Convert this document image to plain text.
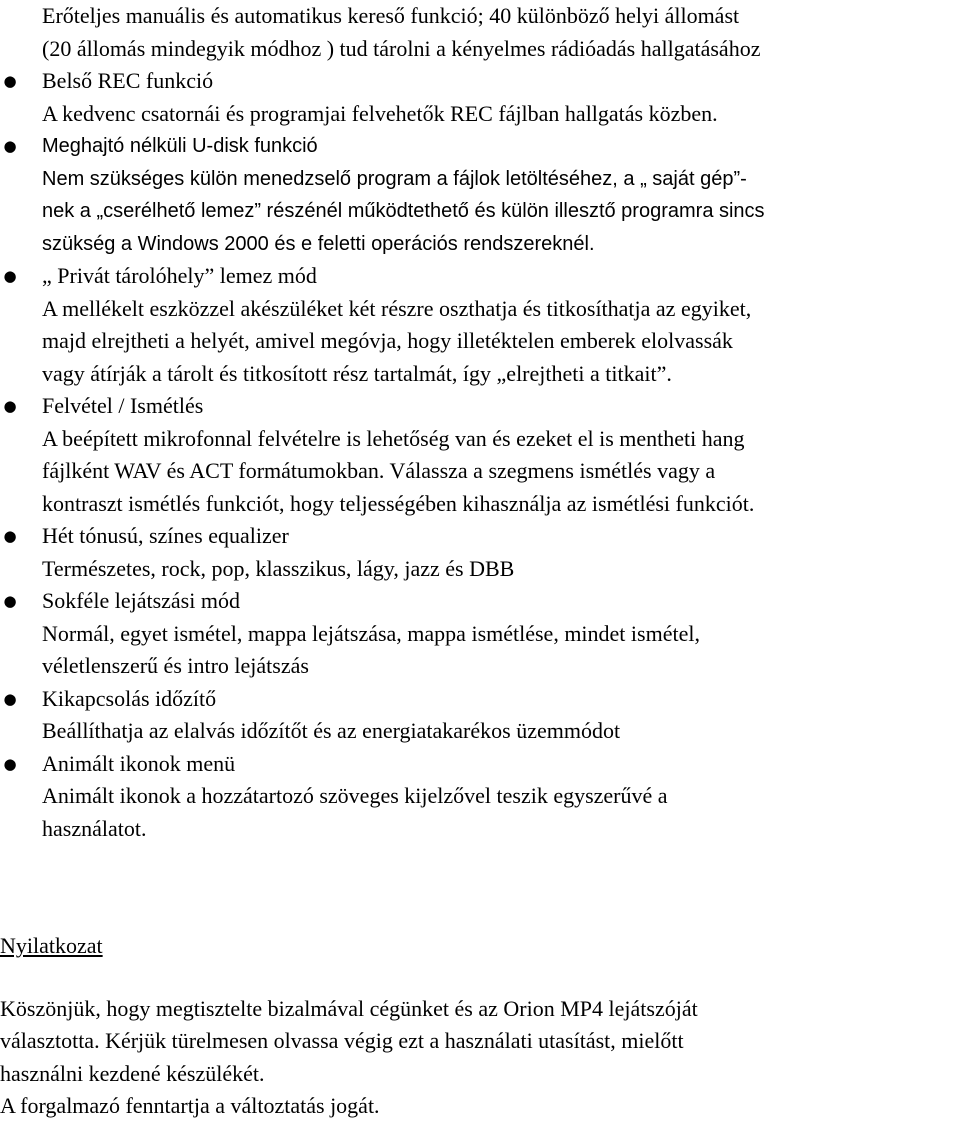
Erőteljes manuális és automatikus kereső funkció; 40 különböző helyi állomást
(20 állomás mindegyik módhoz ) tud tárolni a kényelmes rádióadás hallgatásához
● Belső REC funkció
A kedvenc csatornái és programjai felvehetők REC fájlban hallgatás közben.
● Meghajtó nélküli U-disk funkció
Nem szükséges külön menedzselő program a fájlok letöltéséhez, a „ saját gép”-
nek a „cserélhető lemez” részénél működtethető és külön illesztő programra sincs
szükség a Windows 2000 és e feletti operációs rendszereknél.
● „ Privát tárolóhely” lemez mód
A mellékelt eszközzel akészüléket két részre oszthatja és titkosíthatja az egyiket,
majd elrejtheti a helyét, amivel megóvja, hogy illetéktelen emberek elolvassák
vagy átírják a tárolt és titkosított rész tartalmát, így „elrejtheti a titkait”.
● Felvétel / Ismétlés
A beépített mikrofonnal felvételre is lehetőség van és ezeket el is mentheti hang
fájlként WAV és ACT formátumokban. Válassza a szegmens ismétlés vagy a
kontraszt ismétlés funkciót, hogy teljességében kihasználja az ismétlési funkciót.
● Hét tónusú, színes equalizer
Természetes, rock, pop, klasszikus, lágy, jazz és DBB
● Sokféle lejátszási mód
Normál, egyet ismétel, mappa lejátszása, mappa ismétlése, mindet ismétel,
véletlenszerű és intro lejátszás
● Kikapcsolás időzítő
Beállíthatja az elalvás időzítőt és az energiatakarékos üzemmódot
● Animált ikonok menü
Animált ikonok a hozzátartozó szöveges kijelzővel teszik egyszerűvé a
használatot.
Nyilatkozat
Köszönjük, hogy megtisztelte bizalmával cégünket és az Orion MP4 lejátszóját
választotta. Kérjük türelmesen olvassa végig ezt a használati utasítást, mielőtt
használni kezdené készülékét.
A forgalmazó fenntartja a változtatás jogát.
